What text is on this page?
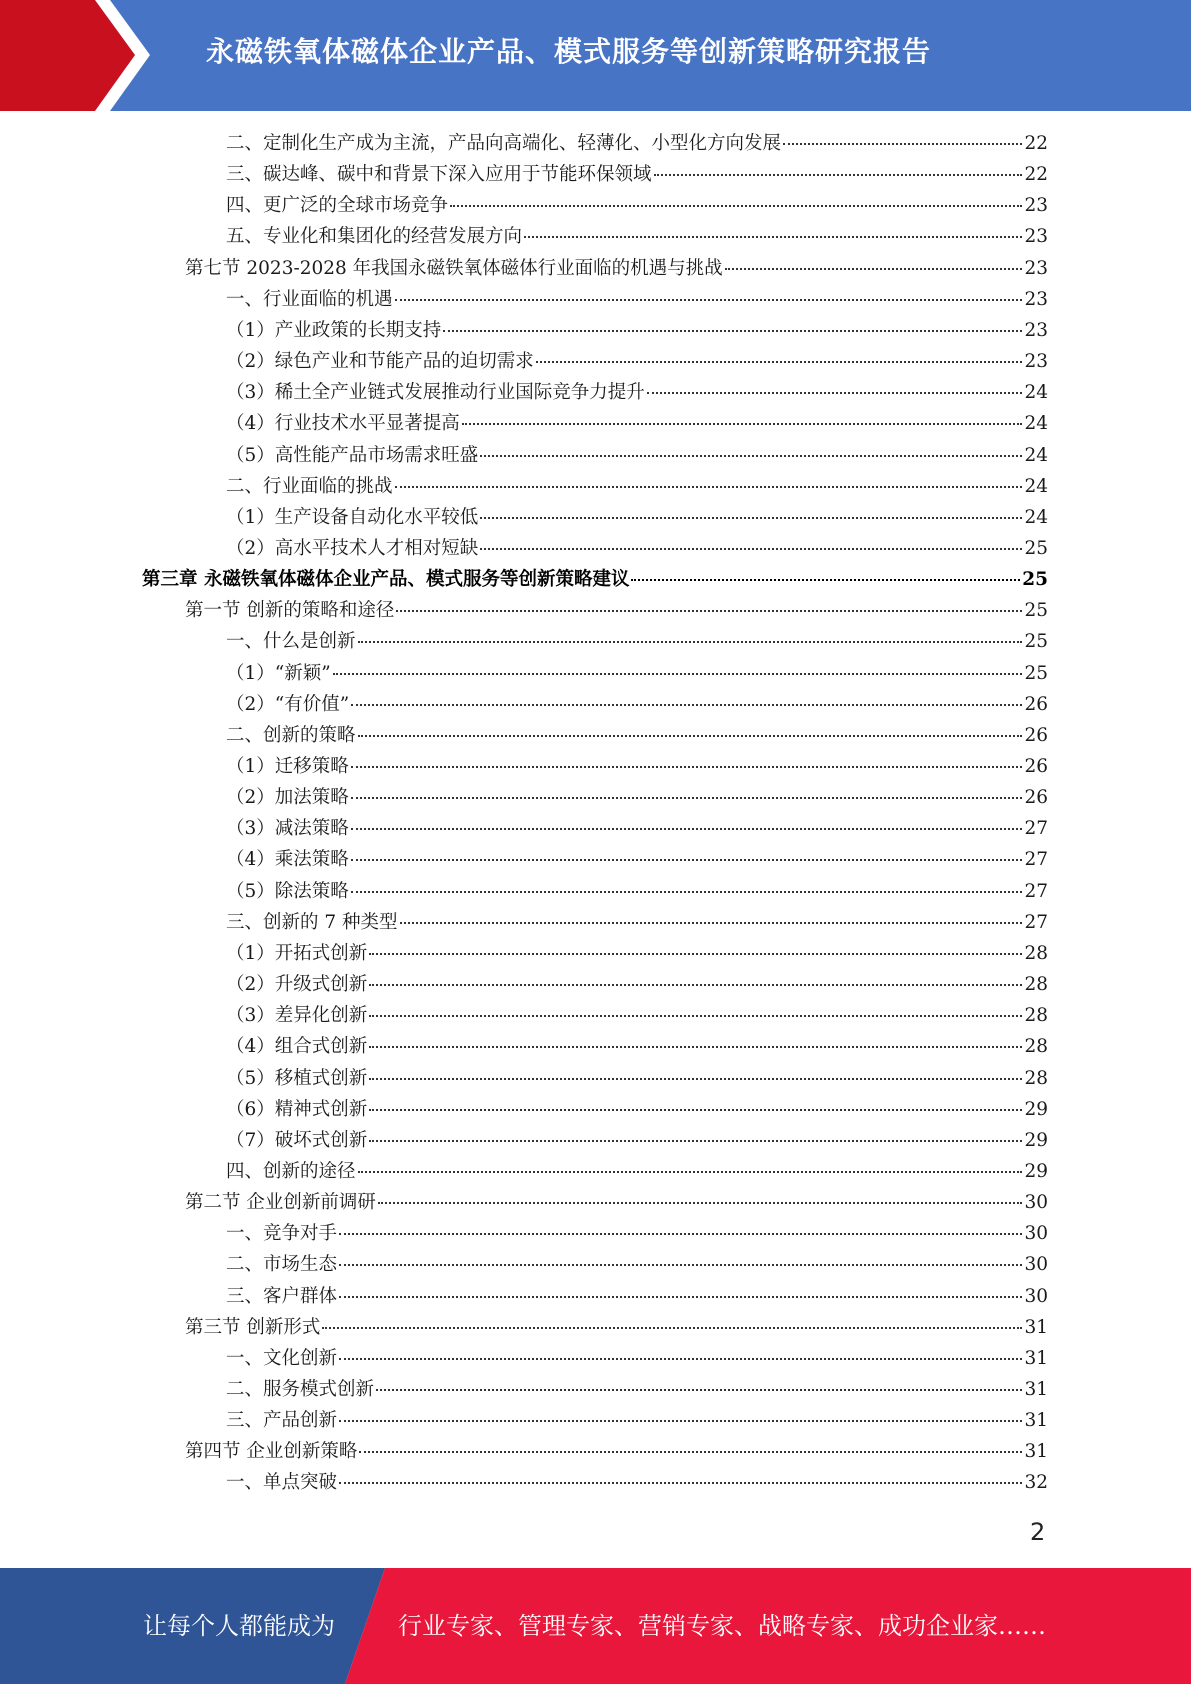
永磁铁氧体磁体企业产品、模式服务等创新策略研究报告
二、定制化生产成为主流，产品向高端化、轻薄化、小型化方向发展	22
三、碳达峰、碳中和背景下深入应用于节能环保领域	22
四、更广泛的全球市场竞争	23
五、专业化和集团化的经营发展方向	23
第七节 2023-2028 年我国永磁铁氧体磁体行业面临的机遇与挑战	23
一、行业面临的机遇	23
（1）产业政策的长期支持	23
（2）绿色产业和节能产品的迫切需求	23
（3）稀土全产业链式发展推动行业国际竞争力提升	24
（4）行业技术水平显著提高	24
（5）高性能产品市场需求旺盛	24
二、行业面临的挑战	24
（1）生产设备自动化水平较低	24
（2）高水平技术人才相对短缺	25
第三章 永磁铁氧体磁体企业产品、模式服务等创新策略建议	25
第一节 创新的策略和途径	25
一、什么是创新	25
（1）“新颖”	25
（2）“有价值”	26
二、创新的策略	26
（1）迁移策略	26
（2）加法策略	26
（3）减法策略	27
（4）乘法策略	27
（5）除法策略	27
三、创新的 7 种类型	27
（1）开拓式创新	28
（2）升级式创新	28
（3）差异化创新	28
（4）组合式创新	28
（5）移植式创新	28
（6）精神式创新	29
（7）破坏式创新	29
四、创新的途径	29
第二节 企业创新前调研	30
一、竞争对手	30
二、市场生态	30
三、客户群体	30
第三节 创新形式	31
一、文化创新	31
二、服务模式创新	31
三、产品创新	31
第四节 企业创新策略	31
一、单点突破	32
2
让每个人都能成为	行业专家、管理专家、营销专家、战略专家、成功企业家……
